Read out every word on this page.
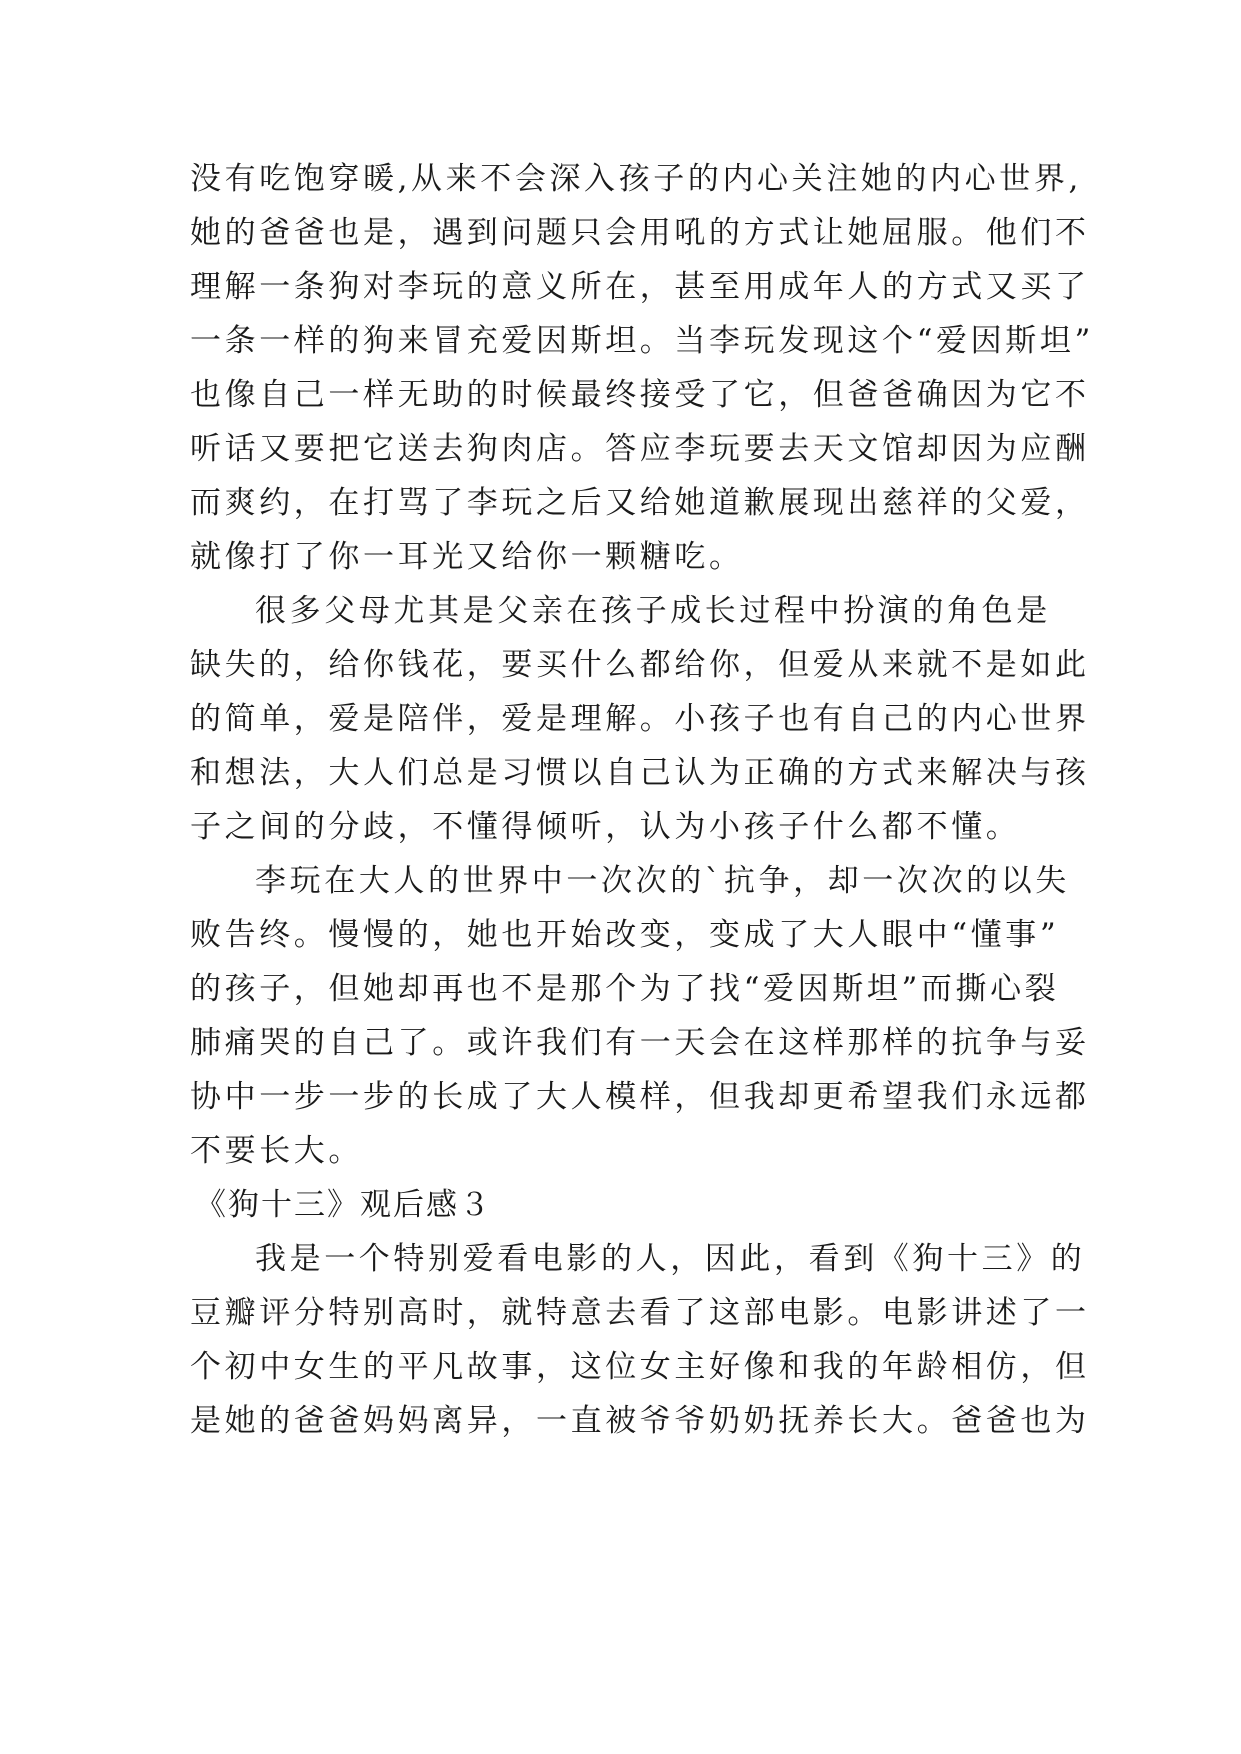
没有吃饱穿暖,从来不会深入孩子的内心关注她的内心世界,
她的爸爸也是，遇到问题只会用吼的方式让她屈服。他们不
理解一条狗对李玩的意义所在，甚至用成年人的方式又买了
一条一样的狗来冒充爱因斯坦。当李玩发现这个“爱因斯坦”
也像自己一样无助的时候最终接受了它，但爸爸确因为它不
听话又要把它送去狗肉店。答应李玩要去天文馆却因为应酬
而爽约，在打骂了李玩之后又给她道歉展现出慈祥的父爱，
就像打了你一耳光又给你一颗糖吃。
很多父母尤其是父亲在孩子成长过程中扮演的角色是
缺失的，给你钱花，要买什么都给你，但爱从来就不是如此
的简单，爱是陪伴，爱是理解。小孩子也有自己的内心世界
和想法，大人们总是习惯以自己认为正确的方式来解决与孩
子之间的分歧，不懂得倾听，认为小孩子什么都不懂。
李玩在大人的世界中一次次的`抗争，却一次次的以失
败告终。慢慢的，她也开始改变，变成了大人眼中“懂事”
的孩子，但她却再也不是那个为了找“爱因斯坦”而撕心裂
肺痛哭的自己了。或许我们有一天会在这样那样的抗争与妥
协中一步一步的长成了大人模样，但我却更希望我们永远都
不要长大。
《狗十三》观后感３
我是一个特别爱看电影的人，因此，看到《狗十三》的
豆瓣评分特别高时，就特意去看了这部电影。电影讲述了一
个初中女生的平凡故事，这位女主好像和我的年龄相仿，但
是她的爸爸妈妈离异，一直被爷爷奶奶抚养长大。爸爸也为
